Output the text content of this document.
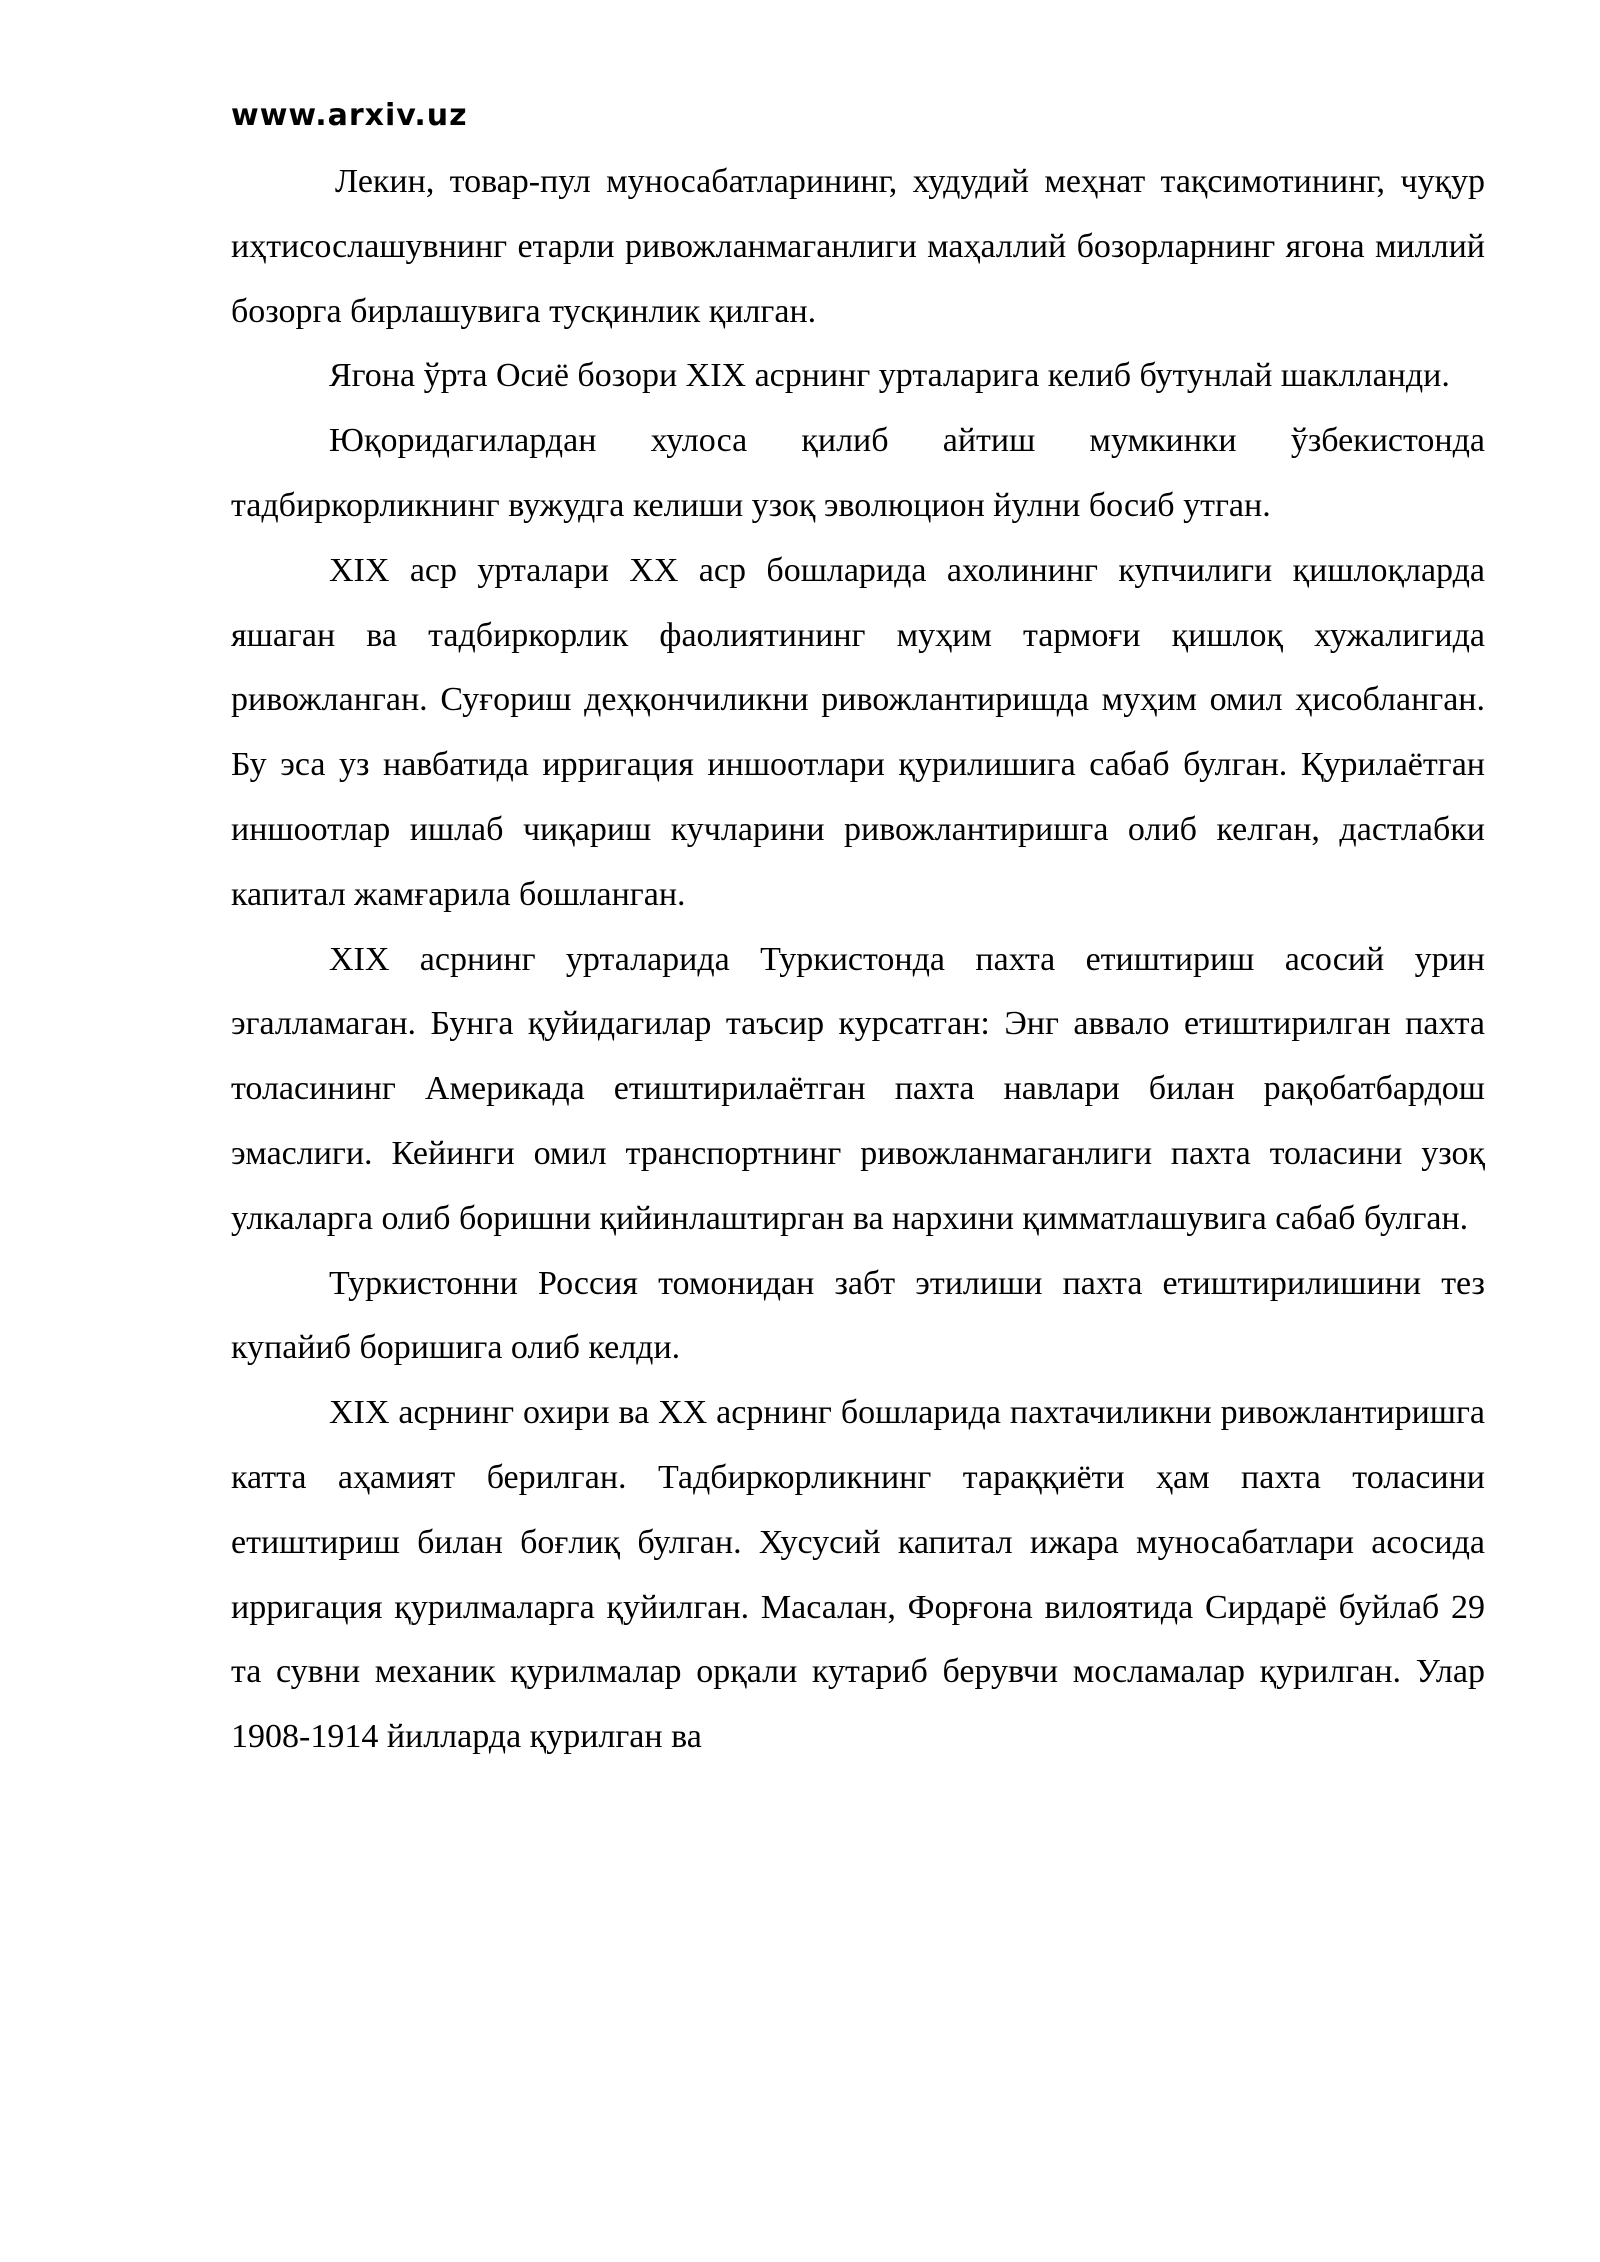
www.arxiv.uz

Лекин, товар-пул муносабатларининг, худудий меҳнат тақсимотининг, чуқур иҳтисослашувнинг етарли ривожланмаганлиги маҳаллий бозорларнинг ягона миллий бозорга бирлашувига тусқинлик қилган.

Ягона ўрта Осиё бозори XIX асрнинг урталарига келиб бутунлай шаклланди.

Юқоридагилардан хулоса қилиб айтиш мумкинки ўзбекистонда тадбиркорликнинг вужудга келиши узоқ эволюцион йулни босиб утган.

XIX аср урталари XX аср бошларида ахолининг купчилиги қишлоқларда яшаган ва тадбиркорлик фаолиятининг муҳим тармоғи қишлоқ хужалигида ривожланган. Суғориш деҳқончиликни ривожлантиришда муҳим омил ҳисобланган. Бу эса уз навбатида ирригация иншоотлари қурилишига сабаб булган. Қурилаётган иншоотлар ишлаб чиқариш кучларини ривожлантиришга олиб келган, дастлабки капитал жамғарила бошланган.

XIX асрнинг урталарида Туркистонда пахта етиштириш асосий урин эгалламаган. Бунга қуйидагилар таъсир курсатган: Энг аввало етиштирилган пахта толасининг Америкада етиштирилаётган пахта навлари билан рақобатбардош эмаслиги. Кейинги омил транспортнинг ривожланмаганлиги пахта толасини узоқ улкаларга олиб боришни қийинлаштирган ва нархини қимматлашувига сабаб булган.

Туркистонни Россия томонидан забт этилиши пахта етиштирилишини тез купайиб боришига олиб келди.

XIX асрнинг охири ва XX асрнинг бошларида пахтачиликни ривожлантиришга катта аҳамият берилган. Тадбиркорликнинг тараққиёти ҳам пахта толасини етиштириш билан боғлиқ булган. Хусусий капитал ижара муносабатлари асосида ирригация қурилмаларга қуйилган. Масалан, Форғона вилоятида Сирдарё буйлаб 29 та сувни механик қурилмалар орқали кутариб берувчи мосламалар қурилган. Улар 1908-1914 йилларда қурилган ва
